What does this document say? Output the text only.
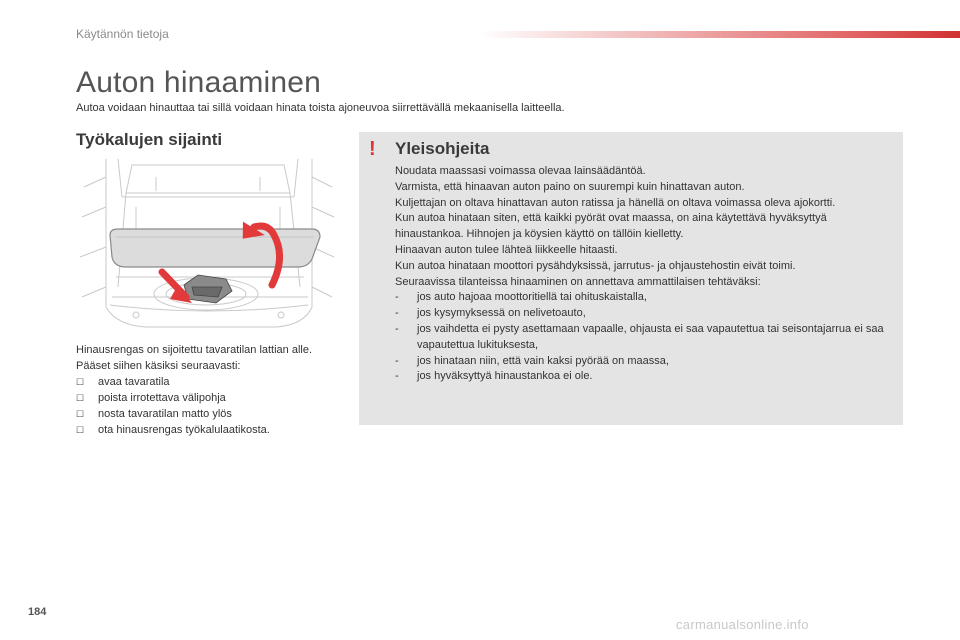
Käytännön tietoja
Auton hinaaminen
Autoa voidaan hinauttaa tai sillä voidaan hinata toista ajoneuvoa siirrettävällä mekaanisella laitteella.
Työkalujen sijainti

Hinausrengas on sijoitettu tavaratilan lattian alle.

Pääset siihen käsiksi seuraavasti:

☐	avaa tavaratila
☐	poista irrotettava välipohja
☐	nosta tavaratilan matto ylös
☐	ota hinausrengas työkalulaatikosta.
! Yleisohjeita

Noudata maassasi voimassa olevaa lainsäädäntöä.

Varmista, että hinaavan auton paino on suurempi kuin hinattavan auton.

Kuljettajan on oltava hinattavan auton ratissa ja hänellä on oltava voimassa oleva ajokortti.

Kun autoa hinataan siten, että kaikki pyörät ovat maassa, on aina käytettävä hyväksyttyä hinaustankoa. Hihnojen ja köysien käyttö on tällöin kielletty.

Hinaavan auton tulee lähteä liikkeelle hitaasti.

Kun autoa hinataan moottori pysähdyksissä, jarrutus- ja ohjaustehostin eivät toimi.

Seuraavissa tilanteissa hinaaminen on annettava ammattilaisen tehtäväksi:

-	jos auto hajoaa moottoritiellä tai ohituskaistalla,
-	jos kysymyksessä on nelivetoauto,
-	jos vaihdetta ei pysty asettamaan vapaalle, ohjausta ei saa vapautettua tai seisontajarrua ei saa vapautettua lukituksesta,
-	jos hinataan niin, että vain kaksi pyörää on maassa,
-	jos hyväksyttyä hinaustankoa ei ole.
184
carmanualsonline.info
